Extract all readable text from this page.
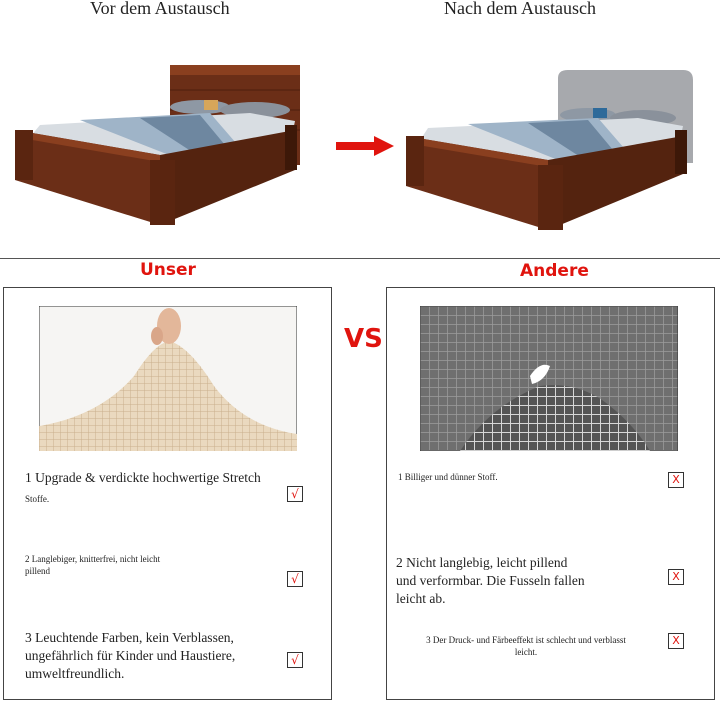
Vor dem Austausch	Nach dem Austausch
Unser	Andere
VS
1 Upgrade & verdickte hochwertige Stretch
Stoffe.	√
2 Langlebiger, knitterfrei, nicht leicht
pillend
√
3 Leuchtende Farben, kein Verblassen,
ungefährlich für Kinder und Haustiere,
umweltfreundlich.
√
1 Billiger und dünner Stoff.	X
2 Nicht langlebig, leicht pillend
und verformbar. Die Fusseln fallen
leicht ab.
X
3 Der Druck- und Färbeeffekt ist schlecht und verblasst
leicht.
X
